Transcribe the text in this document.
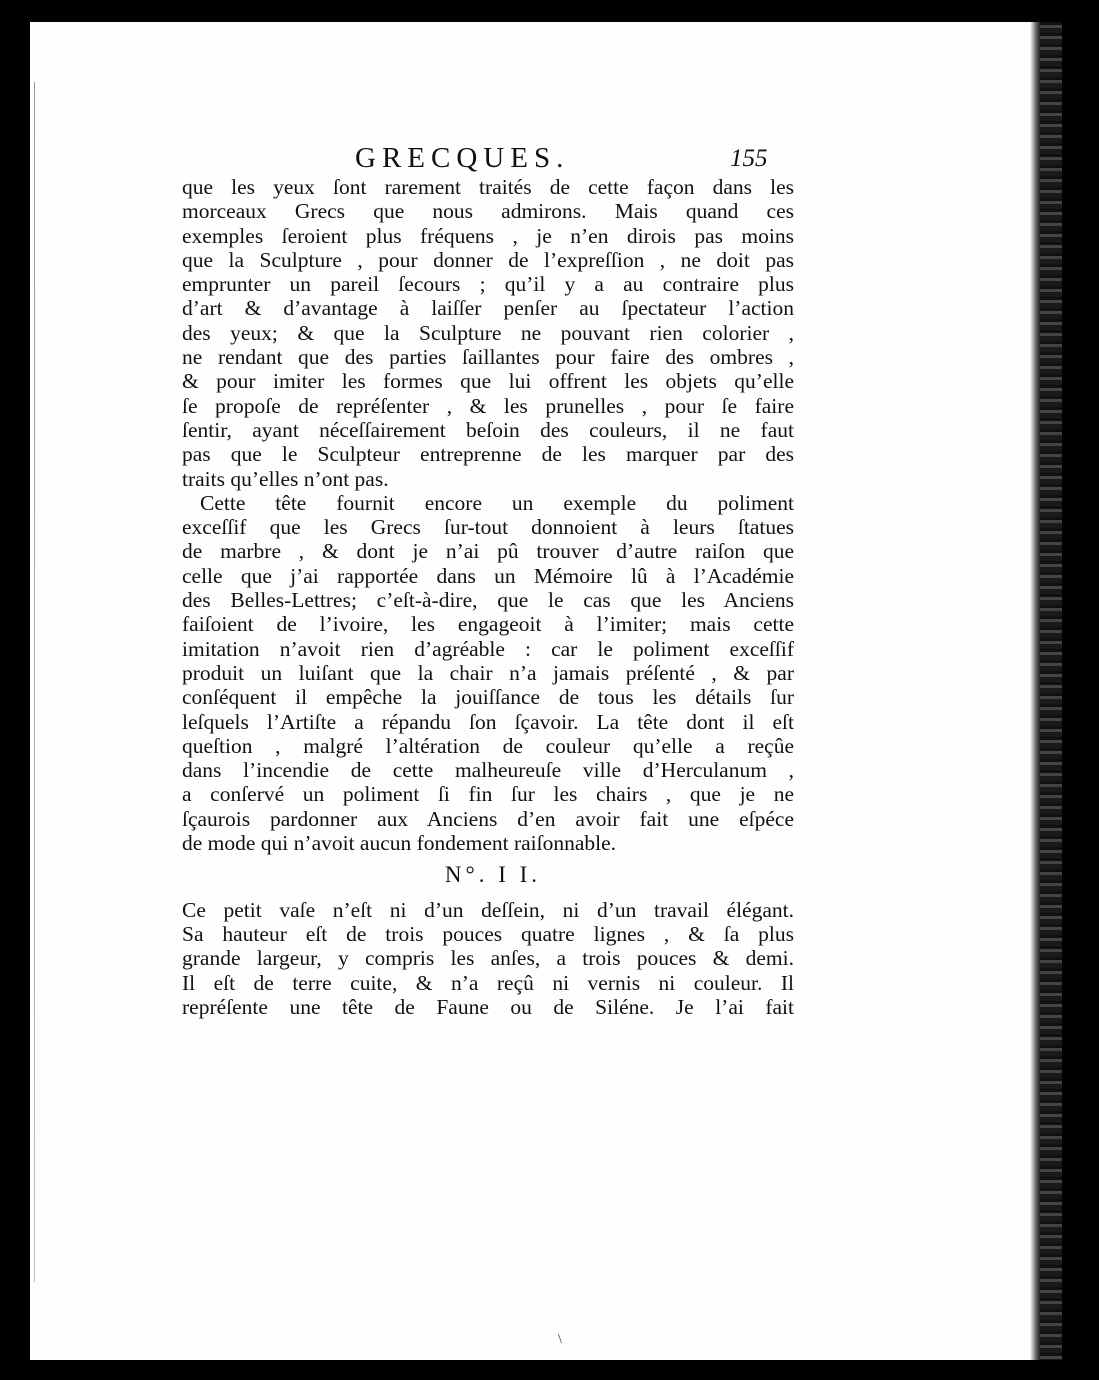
GRECQUES.	155
que les yeux ſont rarement traités de cette façon dans les
morceaux Grecs que nous admirons. Mais quand ces
exemples ſeroient plus fréquens , je n’en dirois pas moins
que la Sculpture , pour donner de l’expreſſion , ne doit pas
emprunter un pareil ſecours ; qu’il y a au contraire plus
d’art & d’avantage à laiſſer penſer au ſpectateur l’action
des yeux; & que la Sculpture ne pouvant rien colorier ,
ne rendant que des parties ſaillantes pour faire des ombres ,
& pour imiter les formes que lui offrent les objets qu’elle
ſe propoſe de repréſenter , & les prunelles , pour ſe faire
ſentir, ayant néceſſairement beſoin des couleurs, il ne faut
pas que le Sculpteur entreprenne de les marquer par des
traits qu’elles n’ont pas.
Cette tête fournit encore un exemple du poliment
exceſſif que les Grecs ſur-tout donnoient à leurs ſtatues
de marbre , & dont je n’ai pû trouver d’autre raiſon que
celle que j’ai rapportée dans un Mémoire lû à l’Académie
des Belles-Lettres; c’eſt-à-dire, que le cas que les Anciens
faiſoient de l’ivoire, les engageoit à l’imiter; mais cette
imitation n’avoit rien d’agréable : car le poliment exceſſif
produit un luiſant que la chair n’a jamais préſenté , & par
conſéquent il empêche la jouiſſance de tous les détails ſur
leſquels l’Artiſte a répandu ſon ſçavoir. La tête dont il eſt
queſtion , malgré l’altération de couleur qu’elle a reçûe
dans l’incendie de cette malheureuſe ville d’Herculanum ,
a conſervé un poliment ſi fin ſur les chairs , que je ne
ſçaurois pardonner aux Anciens d’en avoir fait une eſpéce
de mode qui n’avoit aucun fondement raiſonnable.
N°. I I.
Ce petit vaſe n’eſt ni d’un deſſein, ni d’un travail élégant.
Sa hauteur eſt de trois pouces quatre lignes , & ſa plus
grande largeur, y compris les anſes, a trois pouces & demi.
Il eſt de terre cuite, & n’a reçû ni vernis ni couleur. Il
repréſente une tête de Faune ou de Siléne. Je l’ai fait
\
